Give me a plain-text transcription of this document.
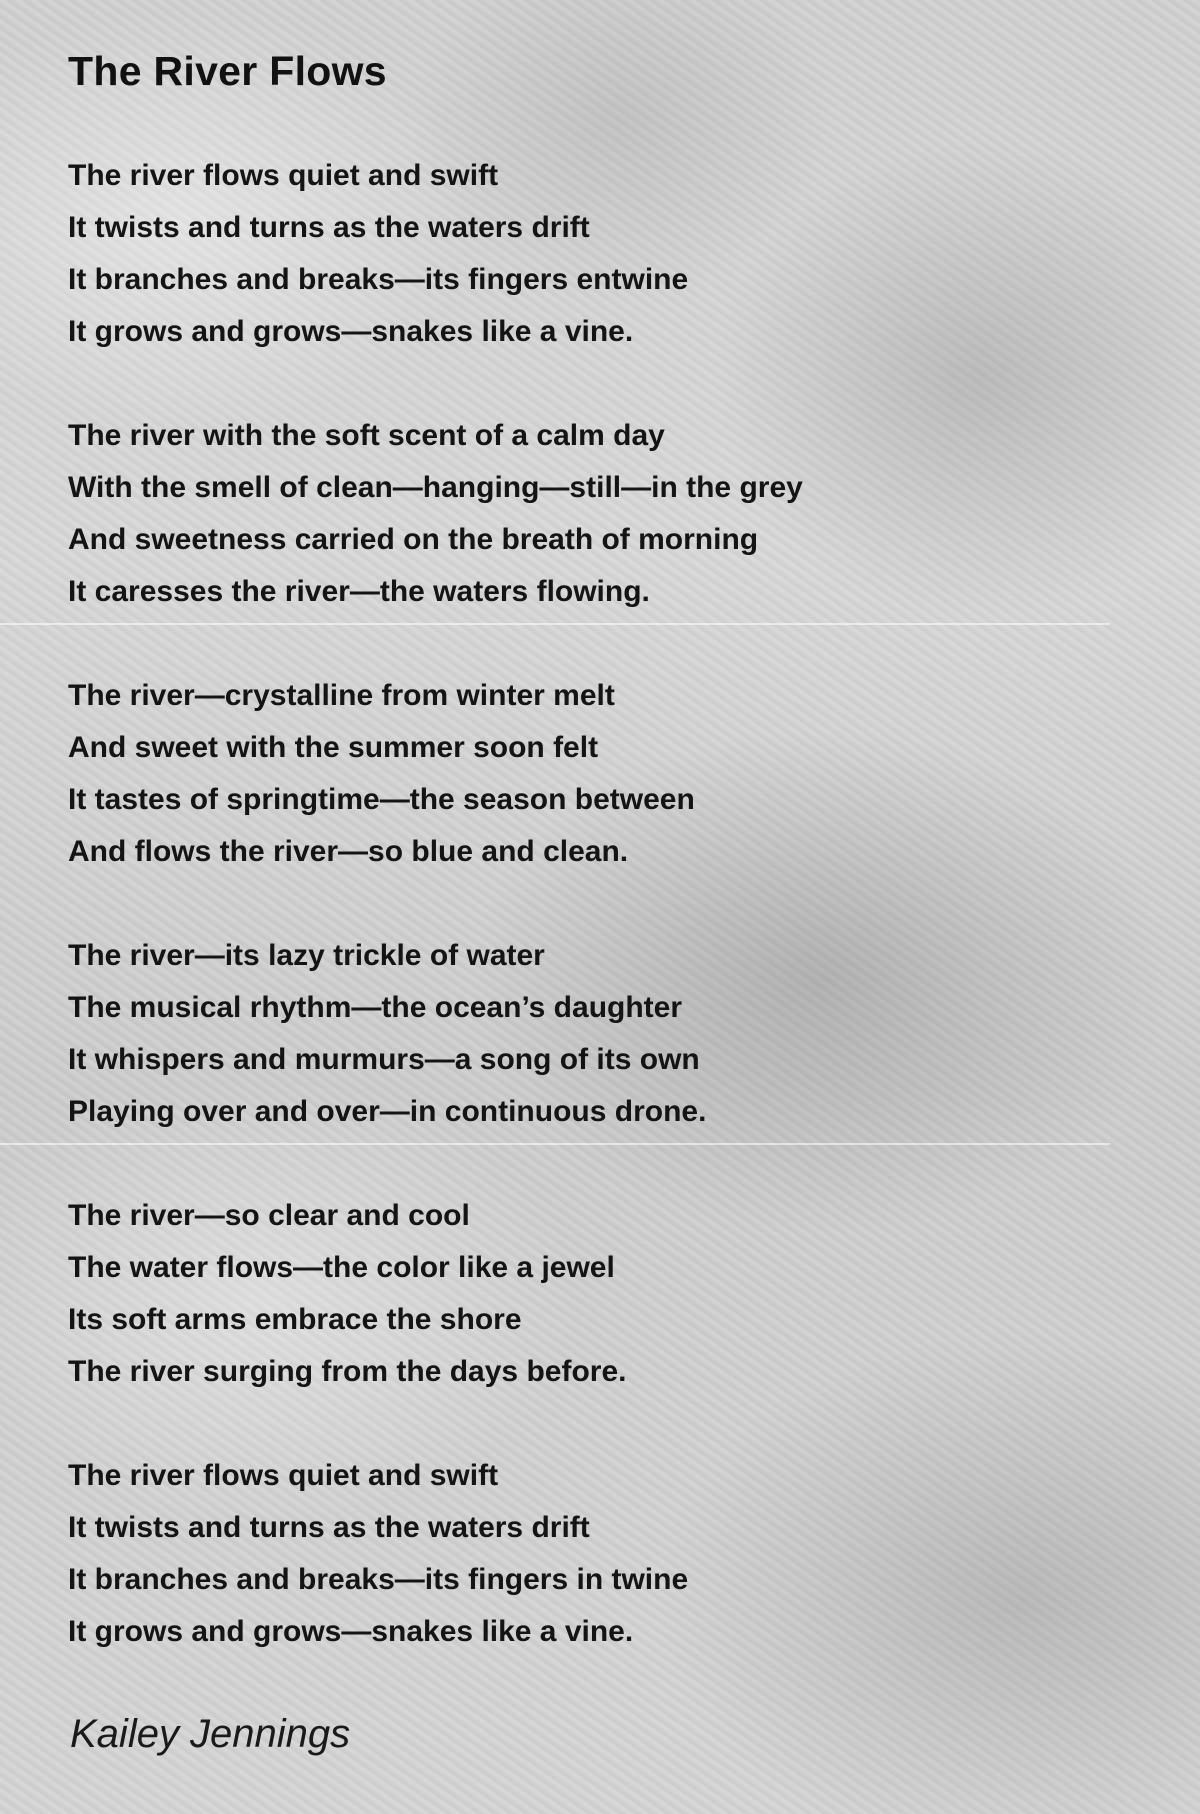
The River Flows
The river flows quiet and swift
It twists and turns as the waters drift
It branches and breaks—its fingers entwine
It grows and grows—snakes like a vine.
The river with the soft scent of a calm day
With the smell of clean—hanging—still—in the grey
And sweetness carried on the breath of morning
It caresses the river—the waters flowing.
The river—crystalline from winter melt
And sweet with the summer soon felt
It tastes of springtime—the season between
And flows the river—so blue and clean.
The river—its lazy trickle of water
The musical rhythm—the ocean’s daughter
It whispers and murmurs—a song of its own
Playing over and over—in continuous drone.
The river—so clear and cool
The water flows—the color like a jewel
Its soft arms embrace the shore
The river surging from the days before.
The river flows quiet and swift
It twists and turns as the waters drift
It branches and breaks—its fingers in twine
It grows and grows—snakes like a vine.
Kailey Jennings
